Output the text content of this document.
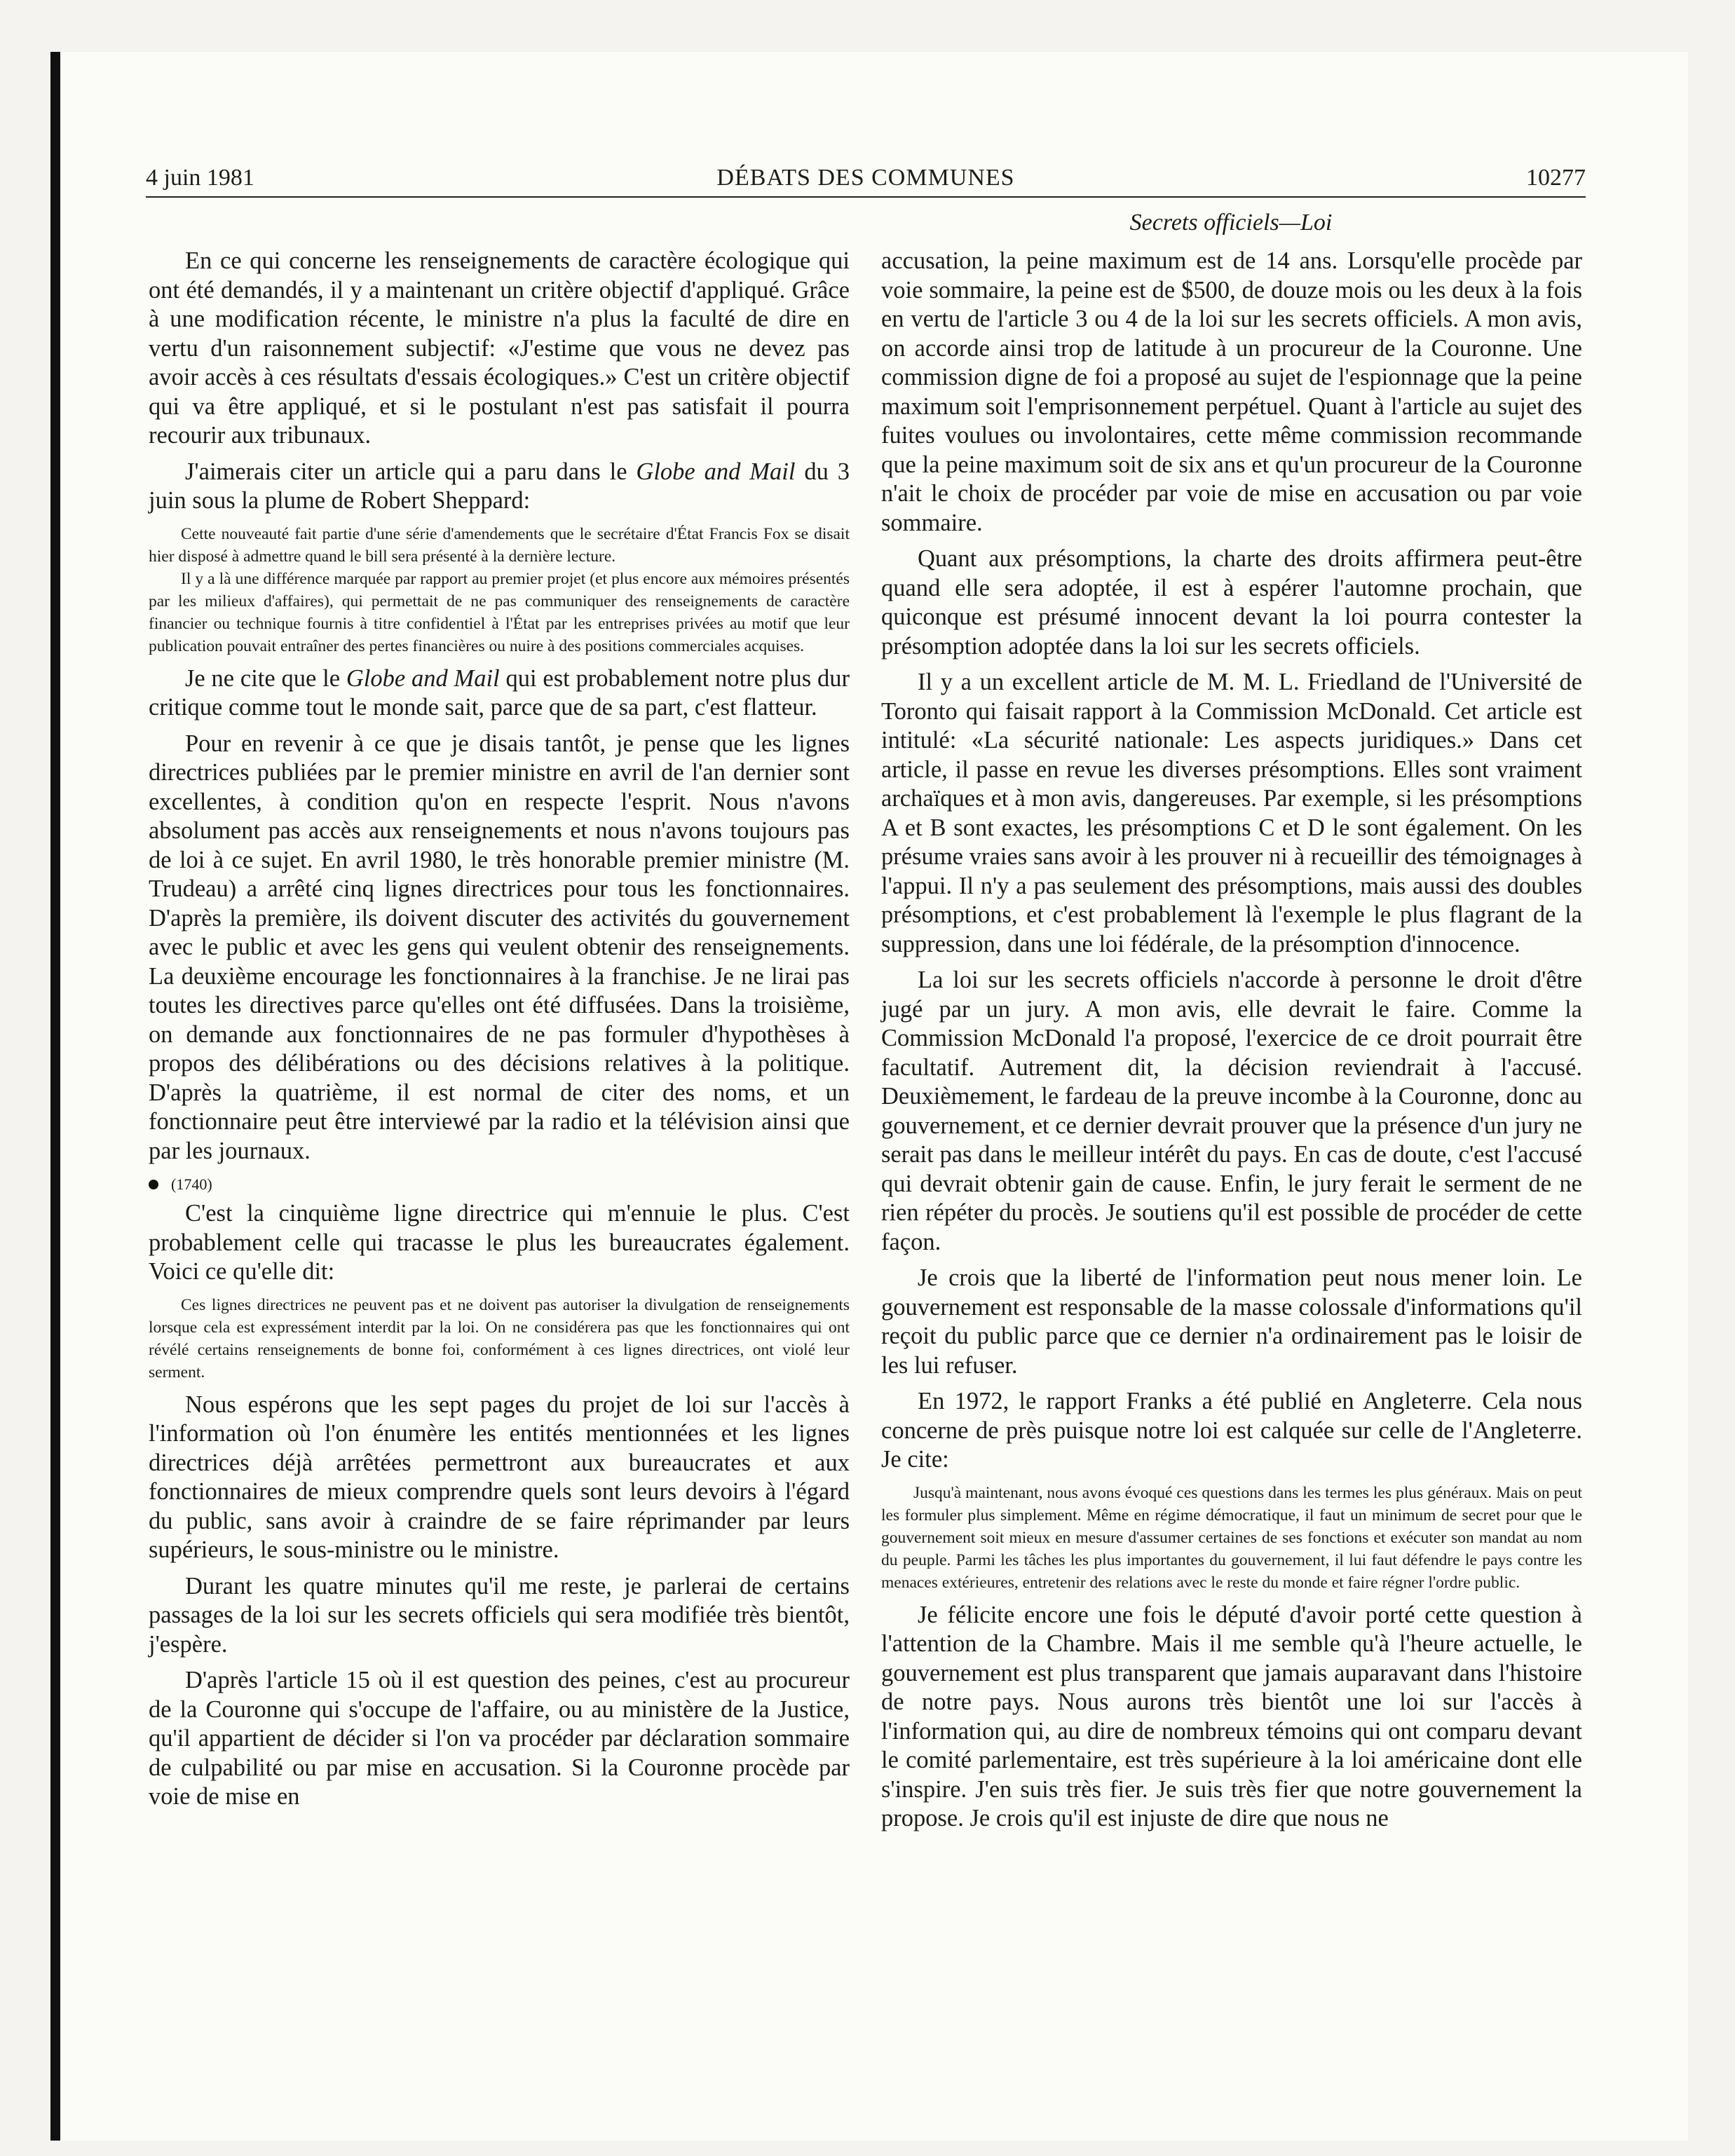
4 juin 1981	DÉBATS DES COMMUNES	10277
Secrets officiels—Loi

En ce qui concerne les renseignements de caractère écologique qui ont été demandés, il y a maintenant un critère objectif d'appliqué. Grâce à une modification récente, le ministre n'a plus la faculté de dire en vertu d'un raisonnement subjectif: «J'estime que vous ne devez pas avoir accès à ces résultats d'essais écologiques.» C'est un critère objectif qui va être appliqué, et si le postulant n'est pas satisfait il pourra recourir aux tribunaux.

J'aimerais citer un article qui a paru dans le Globe and Mail du 3 juin sous la plume de Robert Sheppard:

Cette nouveauté fait partie d'une série d'amendements que le secrétaire d'État Francis Fox se disait hier disposé à admettre quand le bill sera présenté à la dernière lecture.
Il y a là une différence marquée par rapport au premier projet (et plus encore aux mémoires présentés par les milieux d'affaires), qui permettait de ne pas communiquer des renseignements de caractère financier ou technique fournis à titre confidentiel à l'État par les entreprises privées au motif que leur publication pouvait entraîner des pertes financières ou nuire à des positions commerciales acquises.

Je ne cite que le Globe and Mail qui est probablement notre plus dur critique comme tout le monde sait, parce que de sa part, c'est flatteur.

Pour en revenir à ce que je disais tantôt, je pense que les lignes directrices publiées par le premier ministre en avril de l'an dernier sont excellentes, à condition qu'on en respecte l'esprit. Nous n'avons absolument pas accès aux renseignements et nous n'avons toujours pas de loi à ce sujet. En avril 1980, le très honorable premier ministre (M. Trudeau) a arrêté cinq lignes directrices pour tous les fonctionnaires. D'après la première, ils doivent discuter des activités du gouvernement avec le public et avec les gens qui veulent obtenir des renseignements. La deuxième encourage les fonctionnaires à la franchise. Je ne lirai pas toutes les directives parce qu'elles ont été diffusées. Dans la troisième, on demande aux fonctionnaires de ne pas formuler d'hypothèses à propos des délibérations ou des décisions relatives à la politique. D'après la quatrième, il est normal de citer des noms, et un fonctionnaire peut être interviewé par la radio et la télévision ainsi que par les journaux.

(1740)

C'est la cinquième ligne directrice qui m'ennuie le plus. C'est probablement celle qui tracasse le plus les bureaucrates également. Voici ce qu'elle dit:

Ces lignes directrices ne peuvent pas et ne doivent pas autoriser la divulgation de renseignements lorsque cela est expressément interdit par la loi. On ne considérera pas que les fonctionnaires qui ont révélé certains renseignements de bonne foi, conformément à ces lignes directrices, ont violé leur serment.

Nous espérons que les sept pages du projet de loi sur l'accès à l'information où l'on énumère les entités mentionnées et les lignes directrices déjà arrêtées permettront aux bureaucrates et aux fonctionnaires de mieux comprendre quels sont leurs devoirs à l'égard du public, sans avoir à craindre de se faire réprimander par leurs supérieurs, le sous-ministre ou le ministre.

Durant les quatre minutes qu'il me reste, je parlerai de certains passages de la loi sur les secrets officiels qui sera modifiée très bientôt, j'espère.

D'après l'article 15 où il est question des peines, c'est au procureur de la Couronne qui s'occupe de l'affaire, ou au ministère de la Justice, qu'il appartient de décider si l'on va procéder par déclaration sommaire de culpabilité ou par mise en accusation. Si la Couronne procède par voie de mise en

accusation, la peine maximum est de 14 ans. Lorsqu'elle procède par voie sommaire, la peine est de $500, de douze mois ou les deux à la fois en vertu de l'article 3 ou 4 de la loi sur les secrets officiels. A mon avis, on accorde ainsi trop de latitude à un procureur de la Couronne. Une commission digne de foi a proposé au sujet de l'espionnage que la peine maximum soit l'emprisonnement perpétuel. Quant à l'article au sujet des fuites voulues ou involontaires, cette même commission recommande que la peine maximum soit de six ans et qu'un procureur de la Couronne n'ait le choix de procéder par voie de mise en accusation ou par voie sommaire.

Quant aux présomptions, la charte des droits affirmera peut-être quand elle sera adoptée, il est à espérer l'automne prochain, que quiconque est présumé innocent devant la loi pourra contester la présomption adoptée dans la loi sur les secrets officiels.

Il y a un excellent article de M. M. L. Friedland de l'Université de Toronto qui faisait rapport à la Commission McDonald. Cet article est intitulé: «La sécurité nationale: Les aspects juridiques.» Dans cet article, il passe en revue les diverses présomptions. Elles sont vraiment archaïques et à mon avis, dangereuses. Par exemple, si les présomptions A et B sont exactes, les présomptions C et D le sont également. On les présume vraies sans avoir à les prouver ni à recueillir des témoignages à l'appui. Il n'y a pas seulement des présomptions, mais aussi des doubles présomptions, et c'est probablement là l'exemple le plus flagrant de la suppression, dans une loi fédérale, de la présomption d'innocence.

La loi sur les secrets officiels n'accorde à personne le droit d'être jugé par un jury. A mon avis, elle devrait le faire. Comme la Commission McDonald l'a proposé, l'exercice de ce droit pourrait être facultatif. Autrement dit, la décision reviendrait à l'accusé. Deuxièmement, le fardeau de la preuve incombe à la Couronne, donc au gouvernement, et ce dernier devrait prouver que la présence d'un jury ne serait pas dans le meilleur intérêt du pays. En cas de doute, c'est l'accusé qui devrait obtenir gain de cause. Enfin, le jury ferait le serment de ne rien répéter du procès. Je soutiens qu'il est possible de procéder de cette façon.

Je crois que la liberté de l'information peut nous mener loin. Le gouvernement est responsable de la masse colossale d'informations qu'il reçoit du public parce que ce dernier n'a ordinairement pas le loisir de les lui refuser.

En 1972, le rapport Franks a été publié en Angleterre. Cela nous concerne de près puisque notre loi est calquée sur celle de l'Angleterre. Je cite:

Jusqu'à maintenant, nous avons évoqué ces questions dans les termes les plus généraux. Mais on peut les formuler plus simplement. Même en régime démocratique, il faut un minimum de secret pour que le gouvernement soit mieux en mesure d'assumer certaines de ses fonctions et exécuter son mandat au nom du peuple. Parmi les tâches les plus importantes du gouvernement, il lui faut défendre le pays contre les menaces extérieures, entretenir des relations avec le reste du monde et faire régner l'ordre public.

Je félicite encore une fois le député d'avoir porté cette question à l'attention de la Chambre. Mais il me semble qu'à l'heure actuelle, le gouvernement est plus transparent que jamais auparavant dans l'histoire de notre pays. Nous aurons très bientôt une loi sur l'accès à l'information qui, au dire de nombreux témoins qui ont comparu devant le comité parlementaire, est très supérieure à la loi américaine dont elle s'inspire. J'en suis très fier. Je suis très fier que notre gouvernement la propose. Je crois qu'il est injuste de dire que nous ne
